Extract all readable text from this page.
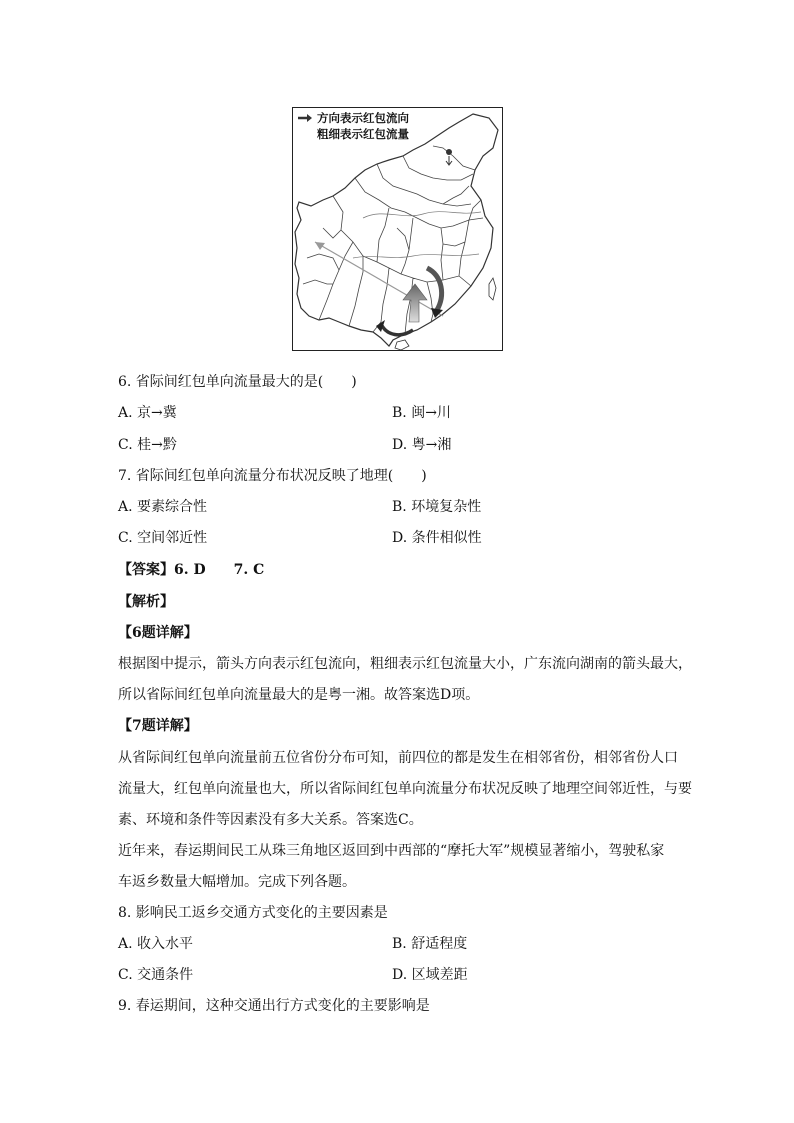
方向表示红包流向
粗细表示红包流量
6. 省际间红包单向流量最大的是(　　)
A. 京→冀	B. 闽→川
C. 桂→黔	D. 粤→湘
7. 省际间红包单向流量分布状况反映了地理(　　)
A. 要素综合性	B. 环境复杂性
C. 空间邻近性	D. 条件相似性
【答案】6. D　　7. C
【解析】
【6题详解】
根据图中提示，箭头方向表示红包流向，粗细表示红包流量大小，广东流向湖南的箭头最大，
所以省际间红包单向流量最大的是粤一湘。故答案选D项。
【7题详解】
从省际间红包单向流量前五位省份分布可知，前四位的都是发生在相邻省份，相邻省份人口
流量大，红包单向流量也大，所以省际间红包单向流量分布状况反映了地理空间邻近性，与要
素、环境和条件等因素没有多大关系。答案选C。
近年来，春运期间民工从珠三角地区返回到中西部的“摩托大军”规模显著缩小，驾驶私家
车返乡数量大幅增加。完成下列各题。
8. 影响民工返乡交通方式变化的主要因素是
A. 收入水平	B. 舒适程度
C. 交通条件	D. 区域差距
9. 春运期间，这种交通出行方式变化的主要影响是
